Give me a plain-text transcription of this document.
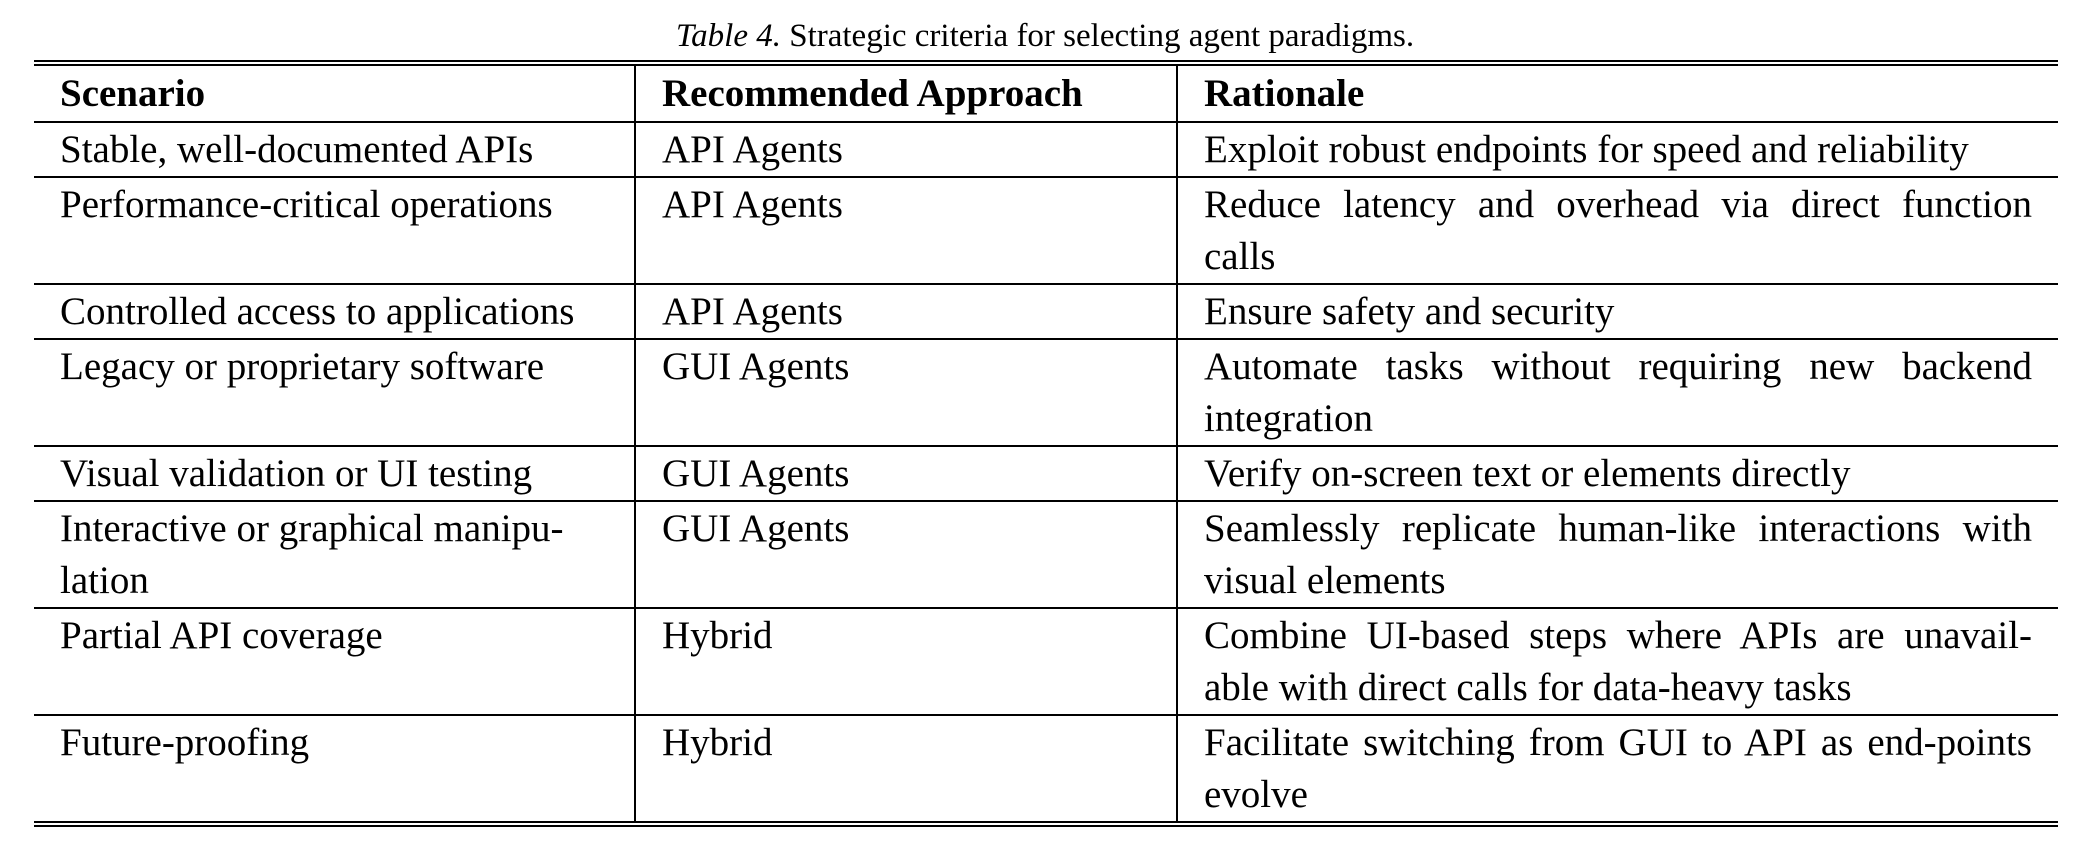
Table 4. Strategic criteria for selecting agent paradigms.
Scenario	Recommended Approach	Rationale
Stable, well-documented APIs	API Agents	Exploit robust endpoints for speed and reliability
Performance-critical operations	API Agents	Reduce latency and overhead via direct function calls
Controlled access to applications	API Agents	Ensure safety and security
Legacy or proprietary software	GUI Agents	Automate tasks without requiring new backend integration
Visual validation or UI testing	GUI Agents	Verify on-screen text or elements directly
Interactive or graphical manipu-lation	GUI Agents	Seamlessly replicate human-like interactions with visual elements
Partial API coverage	Hybrid	Combine UI-based steps where APIs are unavail-able with direct calls for data-heavy tasks
Future-proofing	Hybrid	Facilitate switching from GUI to API as end-points evolve
